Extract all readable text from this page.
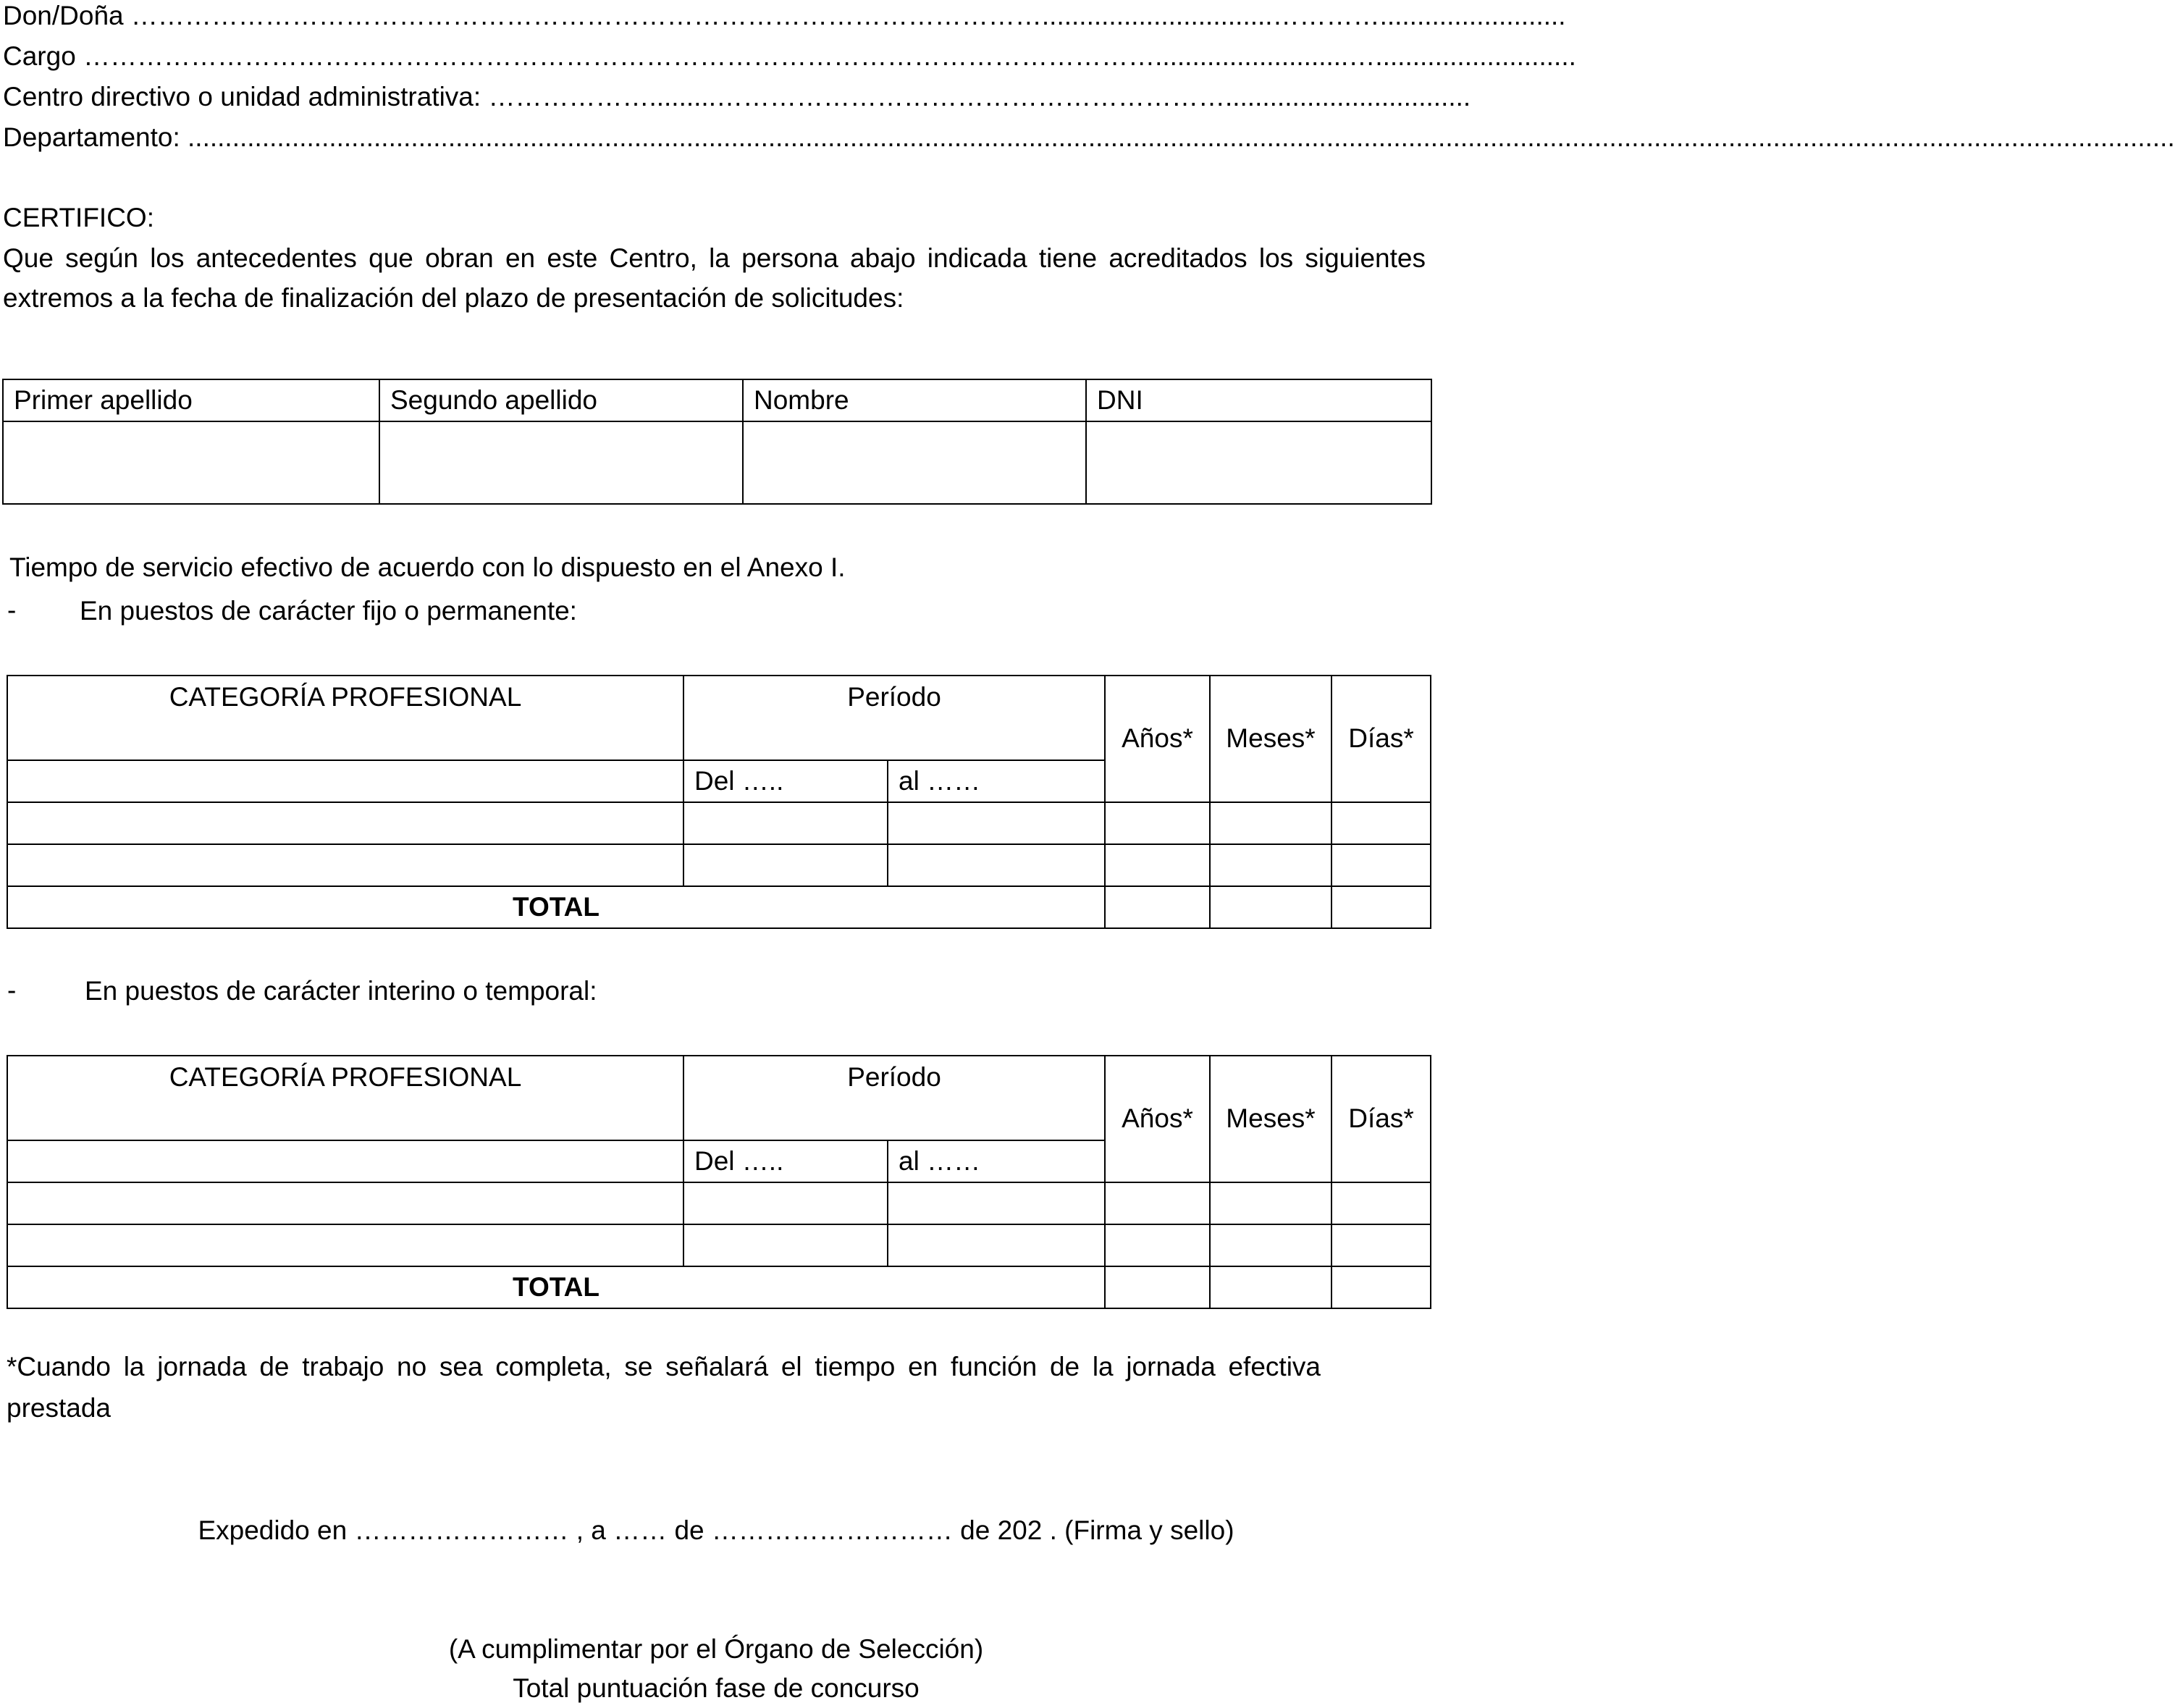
Don/Doña …………………………………………………………………………………………...............................………….........................
Cargo …………………………………………………………………………………………………………..........................…...........................
Centro directivo o unidad administrativa: ……………….........………………………………………………….................................
Departamento: ...........................................................................................................................................................................................................................................................................
CERTIFICO:
Que según los antecedentes que obran en este Centro, la persona abajo indicada tiene acreditados los siguientes extremos a la fecha de finalización del plazo de presentación de solicitudes:
Primer apellido	Segundo apellido	Nombre	DNI

Tiempo de servicio efectivo de acuerdo con lo dispuesto en el Anexo I.
- En puestos de carácter fijo o permanente:
CATEGORÍA PROFESIONAL	Período		Años*	Meses*	Días*
	Del …..	al ……			

TOTAL					
-	En puestos de carácter interino o temporal:
CATEGORÍA PROFESIONAL	Período		Años*	Meses*	Días*
	Del …..	al ……			

TOTAL					
*Cuando la jornada de trabajo no sea completa, se señalará el tiempo en función de la jornada efectiva prestada
Expedido en …………………… , a …… de ……………………… de 202 . (Firma y sello)
(A cumplimentar por el Órgano de Selección)
Total puntuación fase de concurso
